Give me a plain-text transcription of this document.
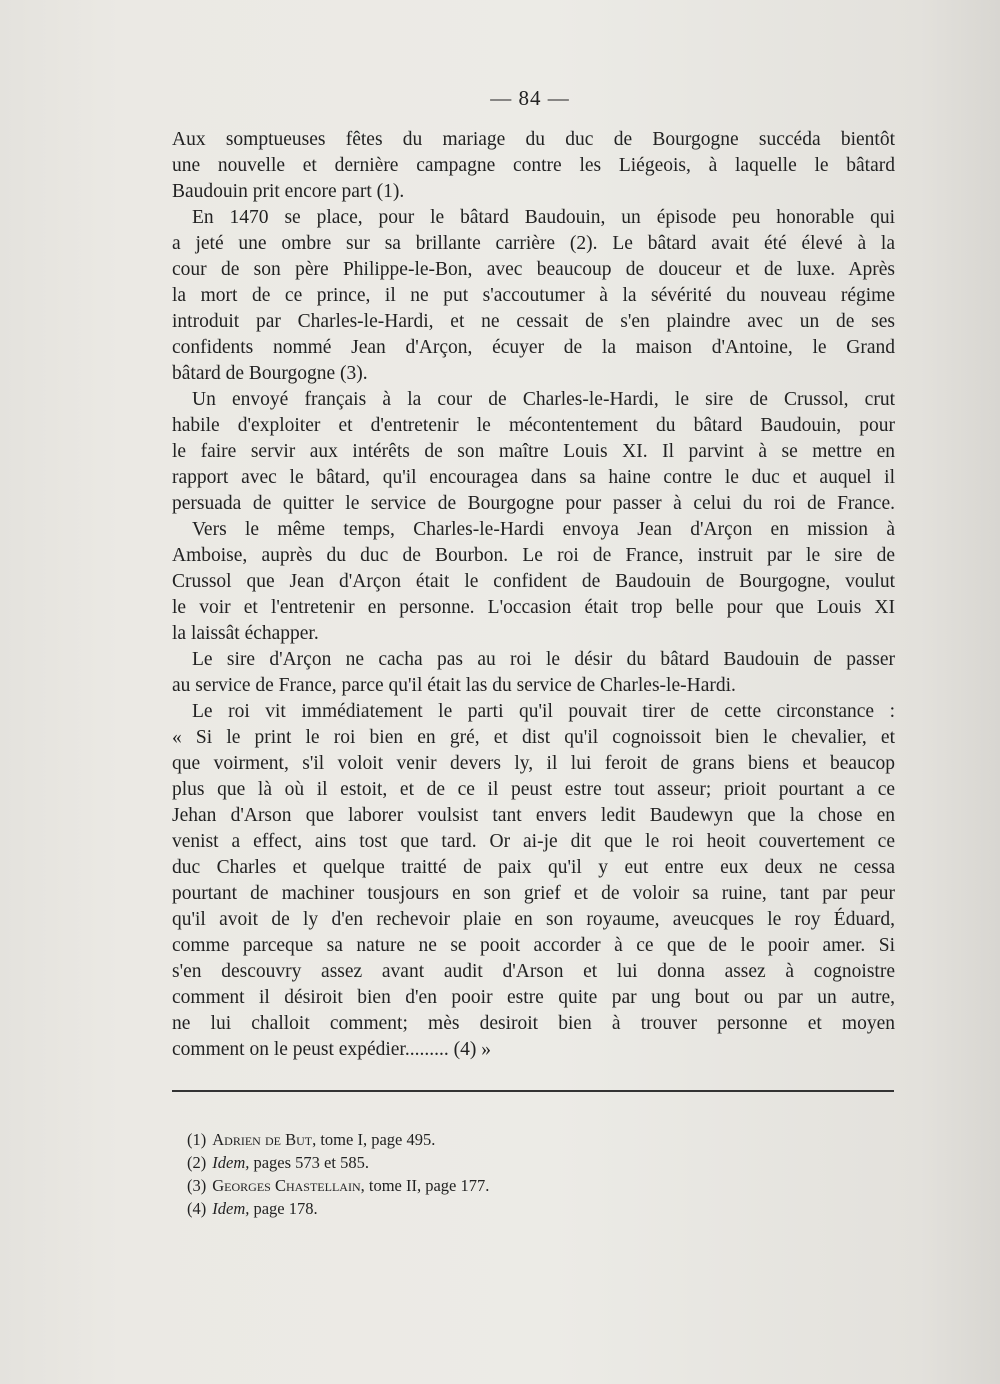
— 84 —
Aux somptueuses fêtes du mariage du duc de Bourgogne succéda bientôt
une nouvelle et dernière campagne contre les Liégeois, à laquelle le bâtard
Baudouin prit encore part (1).
En 1470 se place, pour le bâtard Baudouin, un épisode peu honorable qui
a jeté une ombre sur sa brillante carrière (2). Le bâtard avait été élevé à la
cour de son père Philippe-le-Bon, avec beaucoup de douceur et de luxe. Après
la mort de ce prince, il ne put s'accoutumer à la sévérité du nouveau régime
introduit par Charles-le-Hardi, et ne cessait de s'en plaindre avec un de ses
confidents nommé Jean d'Arçon, écuyer de la maison d'Antoine, le Grand
bâtard de Bourgogne (3).
Un envoyé français à la cour de Charles-le-Hardi, le sire de Crussol, crut
habile d'exploiter et d'entretenir le mécontentement du bâtard Baudouin, pour
le faire servir aux intérêts de son maître Louis XI. Il parvint à se mettre en
rapport avec le bâtard, qu'il encouragea dans sa haine contre le duc et auquel il
persuada de quitter le service de Bourgogne pour passer à celui du roi de France.
Vers le même temps, Charles-le-Hardi envoya Jean d'Arçon en mission à
Amboise, auprès du duc de Bourbon. Le roi de France, instruit par le sire de
Crussol que Jean d'Arçon était le confident de Baudouin de Bourgogne, voulut
le voir et l'entretenir en personne. L'occasion était trop belle pour que Louis XI
la laissât échapper.
Le sire d'Arçon ne cacha pas au roi le désir du bâtard Baudouin de passer
au service de France, parce qu'il était las du service de Charles-le-Hardi.
Le roi vit immédiatement le parti qu'il pouvait tirer de cette circonstance :
« Si le print le roi bien en gré, et dist qu'il cognoissoit bien le chevalier, et
que voirment, s'il voloit venir devers ly, il lui feroit de grans biens et beaucop
plus que là où il estoit, et de ce il peust estre tout asseur; prioit pourtant a ce
Jehan d'Arson que laborer voulsist tant envers ledit Baudewyn que la chose en
venist a effect, ains tost que tard. Or ai-je dit que le roi heoit couvertement ce
duc Charles et quelque traitté de paix qu'il y eut entre eux deux ne cessa
pourtant de machiner tousjours en son grief et de voloir sa ruine, tant par peur
qu'il avoit de ly d'en rechevoir plaie en son royaume, aveucques le roy Éduard,
comme parceque sa nature ne se pooit accorder à ce que de le pooir amer. Si
s'en descouvry assez avant audit d'Arson et lui donna assez à cognoistre
comment il désiroit bien d'en pooir estre quite par ung bout ou par un autre,
ne lui challoit comment; mès desiroit bien à trouver personne et moyen
comment on le peust expédier......... (4) »
(1) Adrien de But, tome I, page 495.
(2) Idem, pages 573 et 585.
(3) Georges Chastellain, tome II, page 177.
(4) Idem, page 178.
